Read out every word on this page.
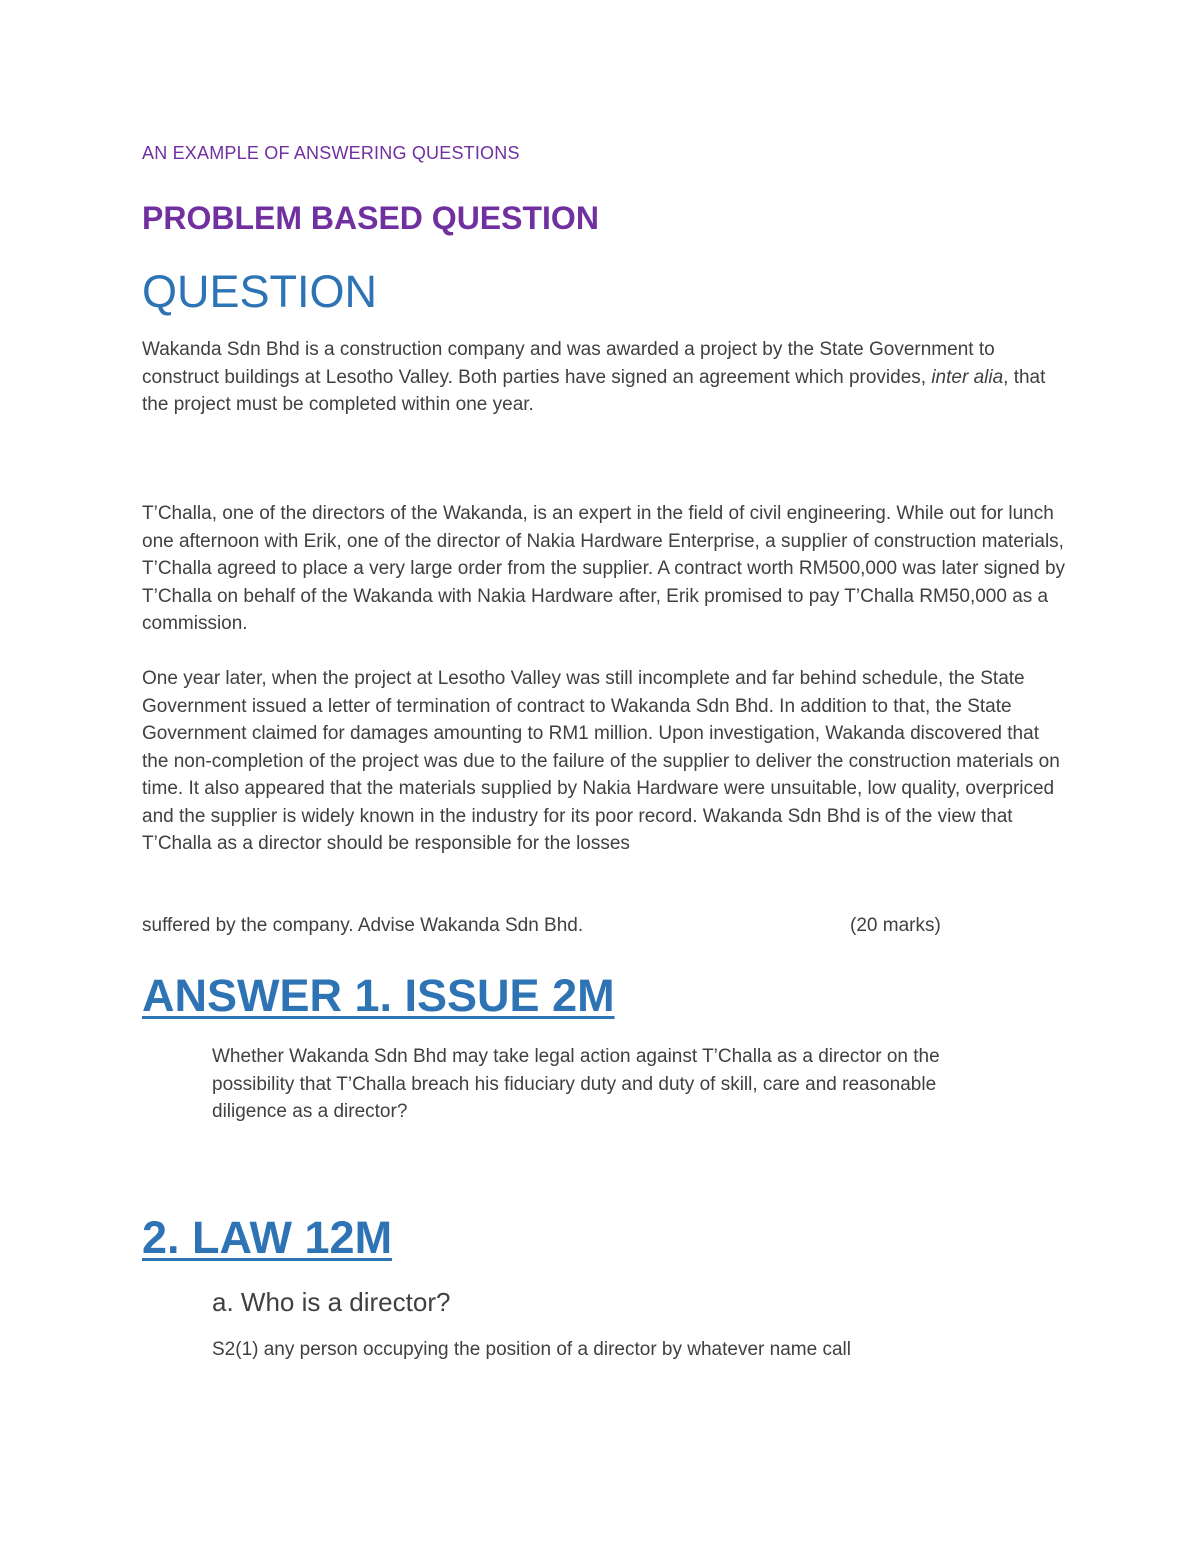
AN EXAMPLE OF ANSWERING QUESTIONS
PROBLEM BASED QUESTION
QUESTION
Wakanda Sdn Bhd is a construction company and was awarded a project by the State Government to construct buildings at Lesotho Valley. Both parties have signed an agreement which provides, inter alia, that the project must be completed within one year.
T’Challa, one of the directors of the Wakanda, is an expert in the field of civil engineering. While out for lunch one afternoon with Erik, one of the director of Nakia Hardware Enterprise, a supplier of construction materials, T’Challa agreed to place a very large order from the supplier. A contract worth RM500,000 was later signed by T’Challa on behalf of the Wakanda with Nakia Hardware after, Erik promised to pay T’Challa RM50,000 as a commission.
One year later, when the project at Lesotho Valley was still incomplete and far behind schedule, the State Government issued a letter of termination of contract to Wakanda Sdn Bhd. In addition to that, the State Government claimed for damages amounting to RM1 million. Upon investigation, Wakanda discovered that the non-completion of the project was due to the failure of the supplier to deliver the construction materials on time. It also appeared that the materials supplied by Nakia Hardware were unsuitable, low quality, overpriced and the supplier is widely known in the industry for its poor record. Wakanda Sdn Bhd is of the view that T’Challa as a director should be responsible for the losses
suffered by the company. Advise Wakanda Sdn Bhd.	(20 marks)
ANSWER 1. ISSUE 2M
Whether Wakanda Sdn Bhd may take legal action against T’Challa as a director on the possibility that T’Challa breach his fiduciary duty and duty of skill, care and reasonable diligence as a director?
2. LAW 12M
a. Who is a director?
S2(1) any person occupying the position of a director by whatever name call
